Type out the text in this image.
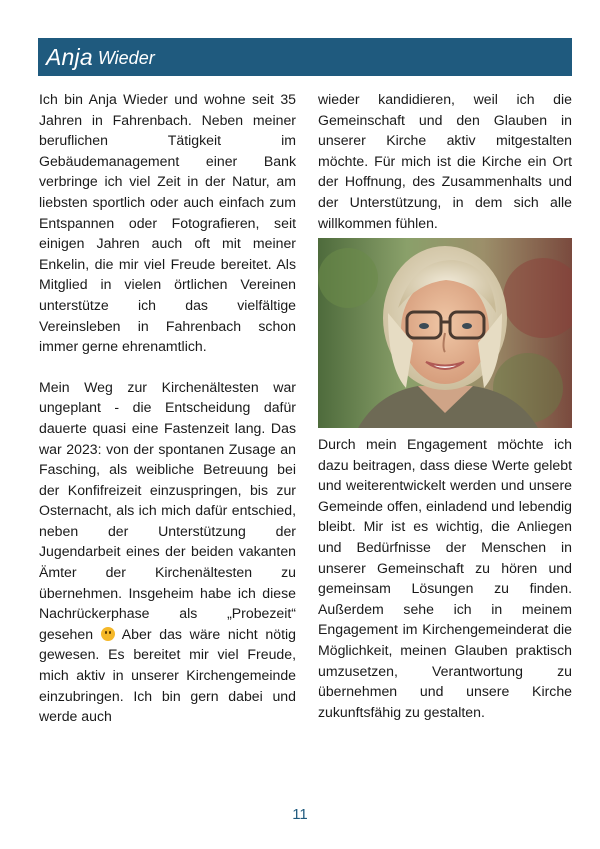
Anja Wieder

Ich bin Anja Wieder und wohne seit 35 Jahren in Fahrenbach. Neben meiner beruflichen Tätigkeit im Gebäudemanagement einer Bank verbringe ich viel Zeit in der Natur, am liebsten sportlich oder auch einfach zum Entspannen oder Fotografieren, seit einigen Jahren auch oft mit meiner Enkelin, die mir viel Freude bereitet. Als Mitglied in vielen örtlichen Vereinen unterstütze ich das vielfältige Vereinsleben in Fahrenbach schon immer gerne ehrenamtlich.

Mein Weg zur Kirchenältesten war ungeplant - die Entscheidung dafür dauerte quasi eine Fastenzeit lang. Das war 2023: von der spontanen Zusage an Fasching, als weibliche Betreuung bei der Konfifreizeit einzuspringen, bis zur Osternacht, als ich mich dafür entschied, neben der Unterstützung der Jugendarbeit eines der beiden vakanten Ämter der Kirchenältesten zu übernehmen. Insgeheim habe ich diese Nachrückerphase als „Probezeit“ gesehen  Aber das wäre nicht nötig gewesen. Es bereitet mir viel Freude, mich aktiv in unserer Kirchengemeinde einzubringen. Ich bin gern dabei und werde auch

wieder kandidieren, weil ich die Gemeinschaft und den Glauben in unserer Kirche aktiv mitgestalten möchte. Für mich ist die Kirche ein Ort der Hoffnung, des Zusammenhalts und der Unterstützung, in dem sich alle willkommen fühlen.

Durch mein Engagement möchte ich dazu beitragen, dass diese Werte gelebt und weiterentwickelt werden und unsere Gemeinde offen, einladend und lebendig bleibt. Mir ist es wichtig, die Anliegen und Bedürfnisse der Menschen in unserer Gemeinschaft zu hören und gemeinsam Lösungen zu finden. Außerdem sehe ich in meinem Engagement im Kirchengemeinderat die Möglichkeit, meinen Glauben praktisch umzusetzen, Verantwortung zu übernehmen und unsere Kirche zukunftsfähig zu gestalten.

11
